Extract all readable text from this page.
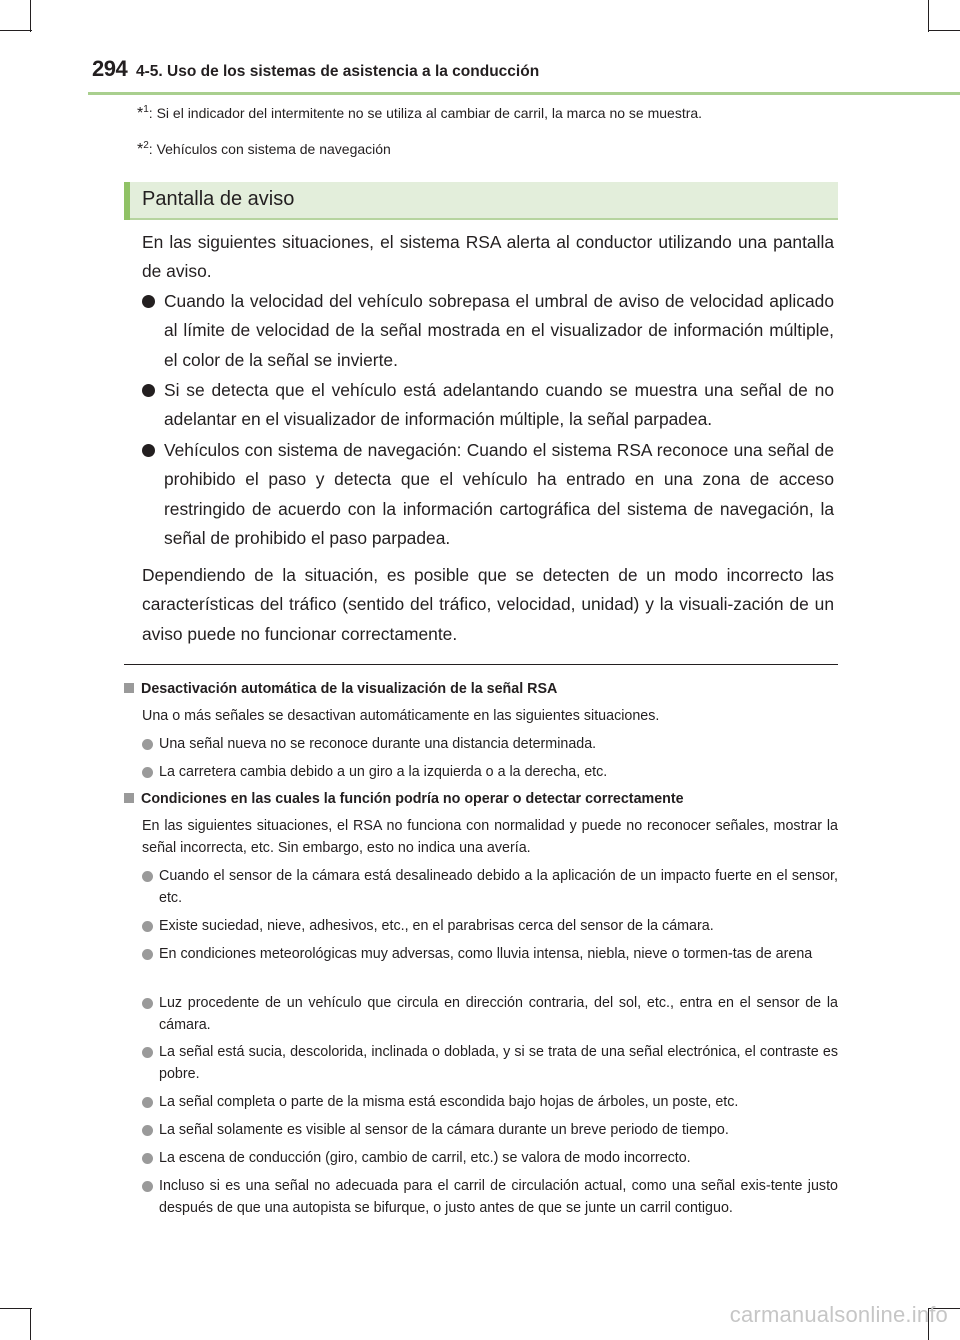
294 4-5. Uso de los sistemas de asistencia a la conducción
*$^1$: Si el indicador del intermitente no se utiliza al cambiar de carril, la marca no se muestra.
*$^2$: Vehículos con sistema de navegación
Pantalla de aviso
En las siguientes situaciones, el sistema RSA alerta al conductor utilizando una pantalla de aviso.
Cuando la velocidad del vehículo sobrepasa el umbral de aviso de velocidad aplicado al límite de velocidad de la señal mostrada en el visualizador de información múltiple, el color de la señal se invierte.
Si se detecta que el vehículo está adelantando cuando se muestra una señal de no adelantar en el visualizador de información múltiple, la señal parpadea.
Vehículos con sistema de navegación: Cuando el sistema RSA reconoce una señal de prohibido el paso y detecta que el vehículo ha entrado en una zona de acceso restringido de acuerdo con la información cartográfica del sistema de navegación, la señal de prohibido el paso parpadea.
Dependiendo de la situación, es posible que se detecten de un modo incorrecto las características del tráfico (sentido del tráfico, velocidad, unidad) y la visuali-zación de un aviso puede no funcionar correctamente.
Desactivación automática de la visualización de la señal RSA
Una o más señales se desactivan automáticamente en las siguientes situaciones.
Una señal nueva no se reconoce durante una distancia determinada.
La carretera cambia debido a un giro a la izquierda o a la derecha, etc.
Condiciones en las cuales la función podría no operar o detectar correctamente
En las siguientes situaciones, el RSA no funciona con normalidad y puede no reconocer señales, mostrar la señal incorrecta, etc. Sin embargo, esto no indica una avería.
Cuando el sensor de la cámara está desalineado debido a la aplicación de un impacto fuerte en el sensor, etc.
Existe suciedad, nieve, adhesivos, etc., en el parabrisas cerca del sensor de la cámara.
En condiciones meteorológicas muy adversas, como lluvia intensa, niebla, nieve o tormen-tas de arena
Luz procedente de un vehículo que circula en dirección contraria, del sol, etc., entra en el sensor de la cámara.
La señal está sucia, descolorida, inclinada o doblada, y si se trata de una señal electrónica, el contraste es pobre.
La señal completa o parte de la misma está escondida bajo hojas de árboles, un poste, etc.
La señal solamente es visible al sensor de la cámara durante un breve periodo de tiempo.
La escena de conducción (giro, cambio de carril, etc.) se valora de modo incorrecto.
Incluso si es una señal no adecuada para el carril de circulación actual, como una señal exis-tente justo después de que una autopista se bifurque, o justo antes de que se junte un carril contiguo.
carmanualsonline.info
